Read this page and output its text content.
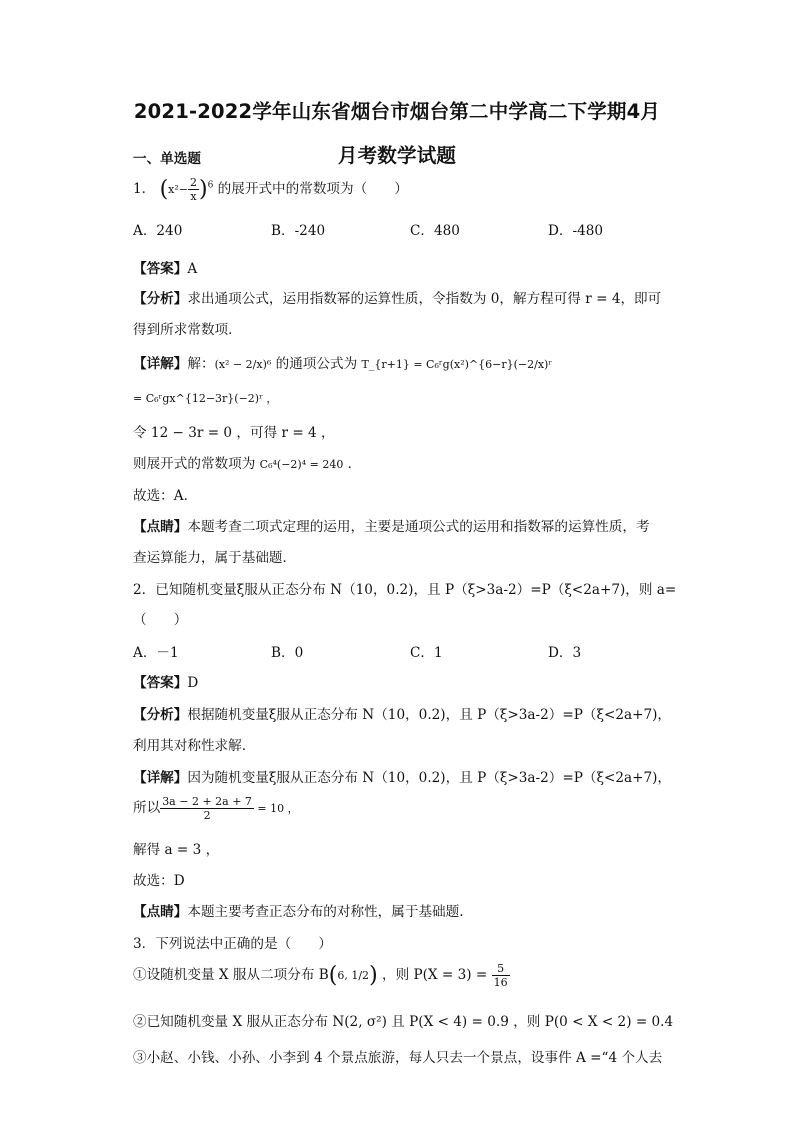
2021-2022学年山东省烟台市烟台第二中学高二下学期4月
月考数学试题
一、单选题
1． $(x^2- \frac{2}{x} )^6$ 的展开式中的常数项为（　　）
A．240	B．-240	C．480	D．-480
【答案】A
【分析】求出通项公式，运用指数幂的运算性质，令指数为 0，解方程可得 r = 4，即可
得到所求常数项．
【详解】解：(x² − 2/x)⁶ 的通项公式为 T_{r+1} = C₆ʳg(x²)^{6−r}(−2/x)ʳ
= C₆ʳgx^{12−3r}(−2)ʳ ，
令 12 − 3r = 0 ，可得 r = 4 ，
则展开式的常数项为 C₆⁴(−2)⁴ = 240 ．
故选：A．
【点睛】本题考查二项式定理的运用，主要是通项公式的运用和指数幂的运算性质，考
查运算能力，属于基础题．
2．已知随机变量ξ服从正态分布 N（10，0.2)，且 P（ξ>3a-2）=P（ξ<2a+7)，则 a=
（　　）
A．－1	B．0	C．1	D．3
【答案】D
【分析】根据随机变量ξ服从正态分布 N（10，0.2)，且 P（ξ>3a-2）=P（ξ<2a+7)，
利用其对称性求解.
【详解】因为随机变量ξ服从正态分布 N（10，0.2)，且 P（ξ>3a-2）=P（ξ<2a+7)，
所以 $\frac{3a - 2 + 2a + 7}{2} = 10$ ，
解得 a = 3 ，
故选：D
【点睛】本题主要考查正态分布的对称性，属于基础题.
3．下列说法中正确的是（　　）
①设随机变量 X 服从二项分布 B(6, 1/2) ，则 $P(X = 3) = \frac{5}{16}$
②已知随机变量 X 服从正态分布 N(2, σ²) 且 P(X < 4) = 0.9 ，则 P(0 < X < 2) = 0.4
③小赵、小钱、小孙、小李到 4 个景点旅游，每人只去一个景点，设事件 A =“4 个人去
